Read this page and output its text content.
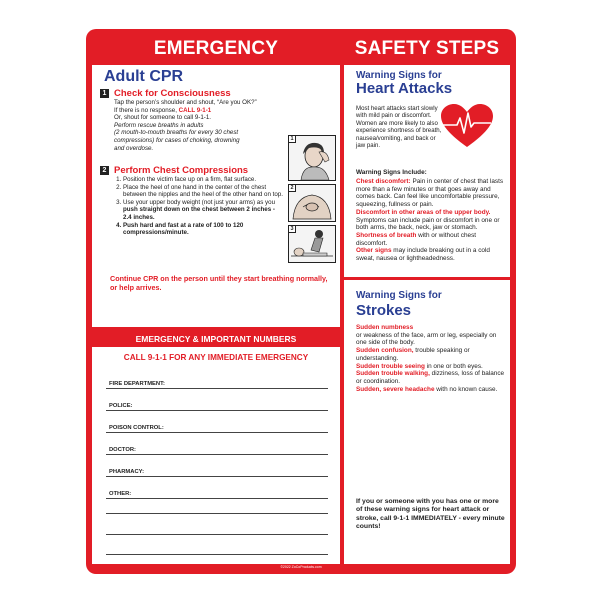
EMERGENCY	SAFETY STEPS
Adult CPR
1 Check for Consciousness

Tap the person’s shoulder and shout, “Are you OK?”

If there is no response, CALL 9-1-1

Or, shout for someone to call 9-1-1.

Perform rescue breaths in adults

(2 mouth-to-mouth breaths for every 30 chest

compressions) for cases of choking, drowning

and overdose.

2 Perform Chest Compressions
1. Position the victim face up on a firm, flat surface.
2. Place the heel of one hand in the center of the chest between the nipples and the heel of the other hand on top.
3. Use your upper body weight (not just your arms) as you push straight down on the chest between 2 inches - 2.4 inches.
4. Push hard and fast at a rate of 100 to 120 compressions/minute.
1
2
3
Continue CPR on the person until they start breathing normally, or help arrives.
EMERGENCY & IMPORTANT NUMBERS
CALL 9-1-1 FOR ANY IMMEDIATE EMERGENCY
FIRE DEPARTMENT:
POLICE:
POISON CONTROL:
DOCTOR:
PHARMACY:
OTHER:
Warning Signs for
Heart Attacks
Most heart attacks start slowly with mild pain or discomfort. Women are more likely to also experience shortness of breath, nausea/vomiting, and back or jaw pain.
Warning Signs Include:

Chest discomfort: Pain in center of chest that lasts more than a few minutes or that goes away and comes back. Can feel like uncomfortable pressure, squeezing, fullness or pain.

Discomfort in other areas of the upper body. Symptoms can include pain or discomfort in one or both arms, the back, neck, jaw or stomach.

Shortness of breath with or without chest discomfort.

Other signs may include breaking out in a cold sweat, nausea or lightheadedness.

Warning Signs for
Strokes

Sudden numbness

or weakness of the face, arm or leg, especially on one side of the body.

Sudden confusion, trouble speaking or understanding.

Sudden trouble seeing in one or both eyes.

Sudden trouble walking, dizziness, loss of balance or coordination.

Sudden, severe headache with no known cause.

If you or someone with you has one or more of these warning signs for heart attack or stroke, call 9-1-1 IMMEDIATELY - every minute counts!
©2022 ZoCoProducts.com
